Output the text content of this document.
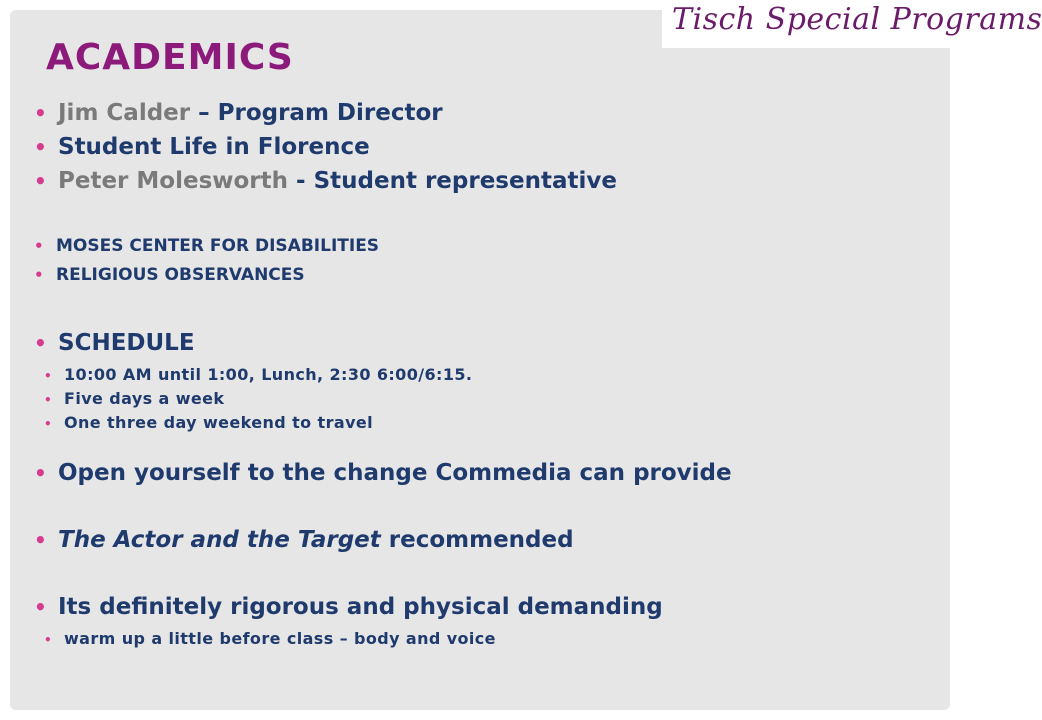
Tisch Special Programs
ACADEMICS
• Jim Calder – Program Director
• Student Life in Florence
• Peter Molesworth - Student representative
• MOSES CENTER FOR DISABILITIES
• RELIGIOUS OBSERVANCES
• SCHEDULE
• 10:00 AM until 1:00, Lunch, 2:30 6:00/6:15.
• Five days a week
• One three day weekend to travel
• Open yourself to the change Commedia can provide
• The Actor and the Target recommended
• Its definitely rigorous and physical demanding
• warm up a little before class – body and voice
